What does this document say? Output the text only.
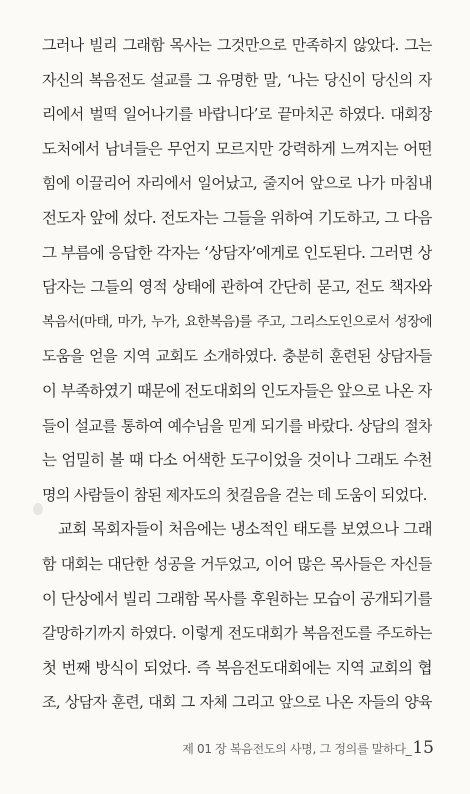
그러나 빌리 그래함 목사는 그것만으로 만족하지 않았다. 그는
자신의 복음전도 설교를 그 유명한 말, ‘나는 당신이 당신의 자
리에서 벌떡 일어나기를 바랍니다’로 끝마치곤 하였다. 대회장
도처에서 남녀들은 무언지 모르지만 강력하게 느껴지는 어떤
힘에 이끌리어 자리에서 일어났고, 줄지어 앞으로 나가 마침내
전도자 앞에 섰다. 전도자는 그들을 위하여 기도하고, 그 다음
그 부름에 응답한 각자는 ‘상담자’에게로 인도된다. 그러면 상
담자는 그들의 영적 상태에 관하여 간단히 묻고, 전도 책자와
복음서(마태, 마가, 누가, 요한복음)를 주고, 그리스도인으로서 성장에
도움을 얻을 지역 교회도 소개하였다. 충분히 훈련된 상담자들
이 부족하였기 때문에 전도대회의 인도자들은 앞으로 나온 자
들이 설교를 통하여 예수님을 믿게 되기를 바랐다. 상담의 절차
는 엄밀히 볼 때 다소 어색한 도구이었을 것이나 그래도 수천
명의 사람들이 참된 제자도의 첫걸음을 걷는 데 도움이 되었다.
교회 목회자들이 처음에는 냉소적인 태도를 보였으나 그래
함 대회는 대단한 성공을 거두었고, 이어 많은 목사들은 자신들
이 단상에서 빌리 그래함 목사를 후원하는 모습이 공개되기를
갈망하기까지 하였다. 이렇게 전도대회가 복음전도를 주도하는
첫 번째 방식이 되었다. 즉 복음전도대회에는 지역 교회의 협
조, 상담자 훈련, 대회 그 자체 그리고 앞으로 나온 자들의 양육
제 01 장 복음전도의 사명, 그 정의를 말하다_ 15
